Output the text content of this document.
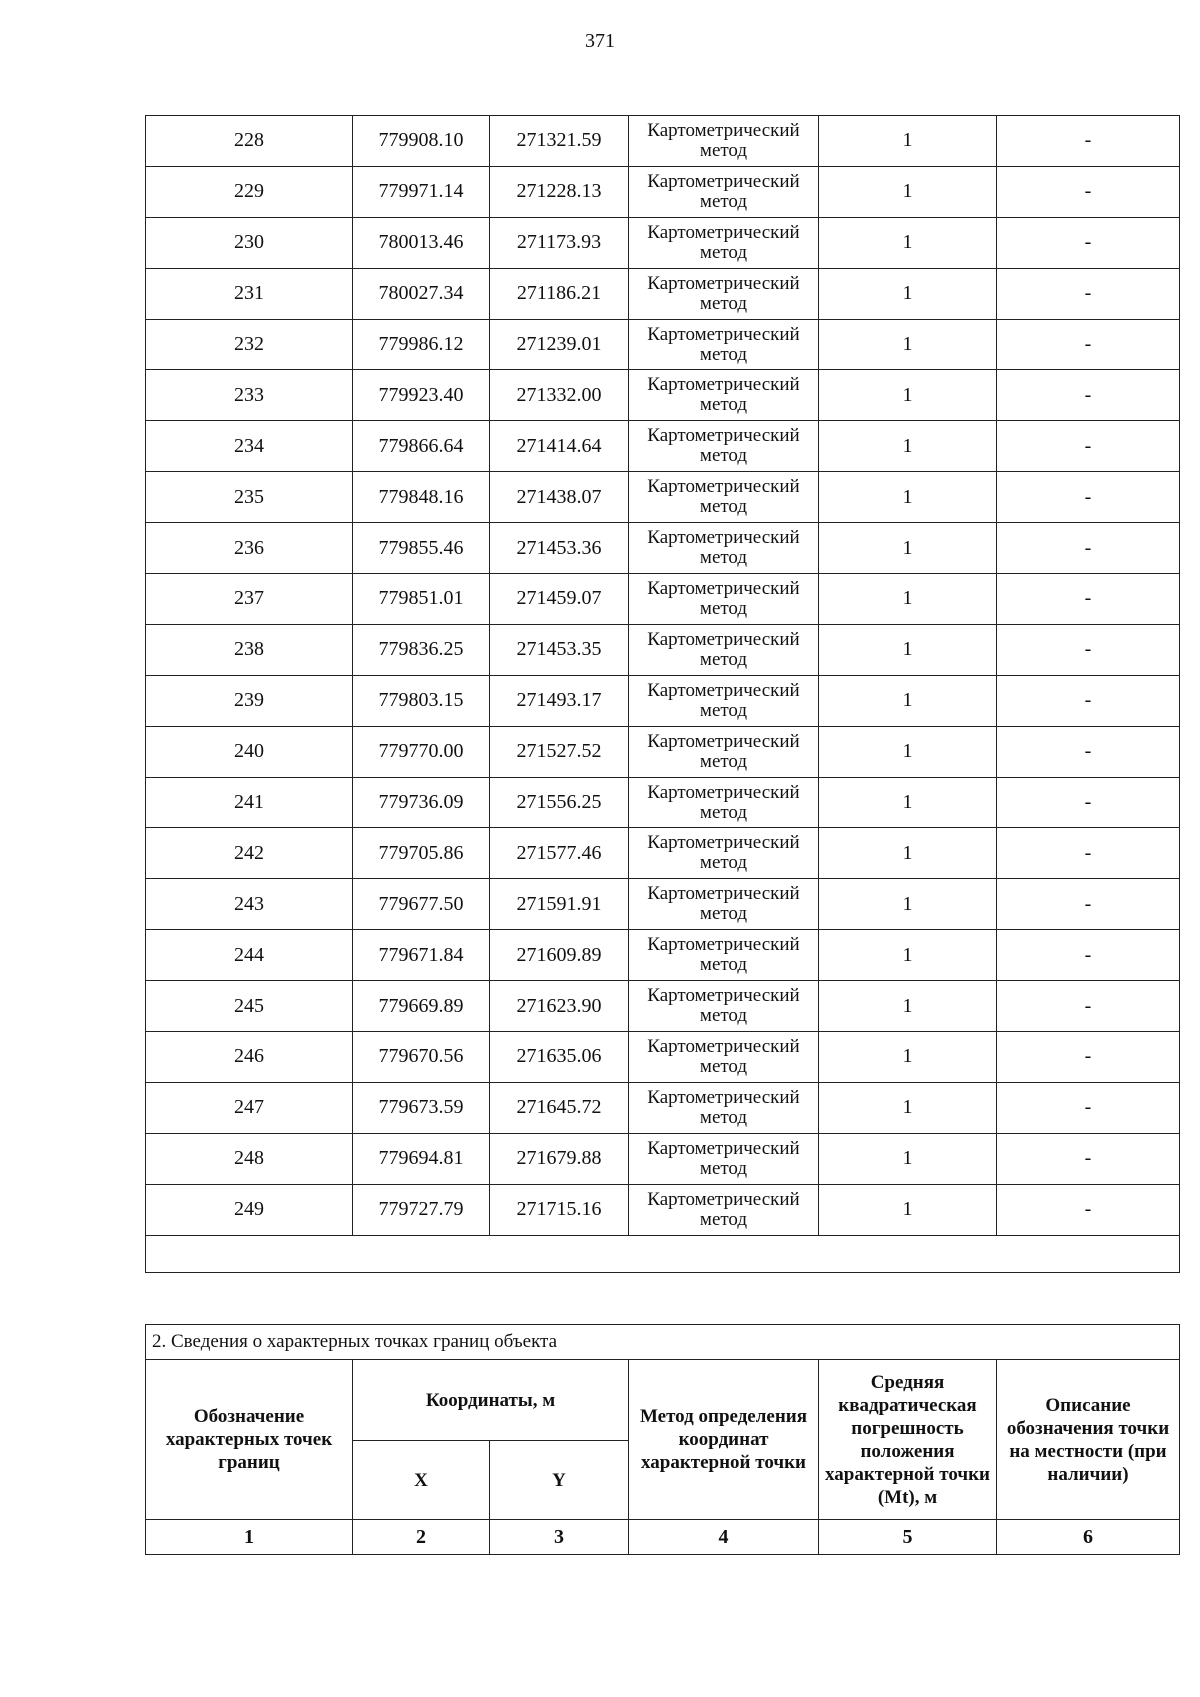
371
228	779908.10	271321.59	Картометрический метод	1	-
229	779971.14	271228.13	Картометрический метод	1	-
230	780013.46	271173.93	Картометрический метод	1	-
231	780027.34	271186.21	Картометрический метод	1	-
232	779986.12	271239.01	Картометрический метод	1	-
233	779923.40	271332.00	Картометрический метод	1	-
234	779866.64	271414.64	Картометрический метод	1	-
235	779848.16	271438.07	Картометрический метод	1	-
236	779855.46	271453.36	Картометрический метод	1	-
237	779851.01	271459.07	Картометрический метод	1	-
238	779836.25	271453.35	Картометрический метод	1	-
239	779803.15	271493.17	Картометрический метод	1	-
240	779770.00	271527.52	Картометрический метод	1	-
241	779736.09	271556.25	Картометрический метод	1	-
242	779705.86	271577.46	Картометрический метод	1	-
243	779677.50	271591.91	Картометрический метод	1	-
244	779671.84	271609.89	Картометрический метод	1	-
245	779669.89	271623.90	Картометрический метод	1	-
246	779670.56	271635.06	Картометрический метод	1	-
247	779673.59	271645.72	Картометрический метод	1	-
248	779694.81	271679.88	Картометрический метод	1	-
249	779727.79	271715.16	Картометрический метод	1	-

2. Сведения о характерных точках границ объекта					
Обозначение характерных точек границ	Координаты, м		Метод определения координат характерной точки	Средняя квадратическая погрешность положения характерной точки (Mt), м	Описание обозначения точки на местности (при наличии)
	X	Y			
1	2	3	4	5	6
